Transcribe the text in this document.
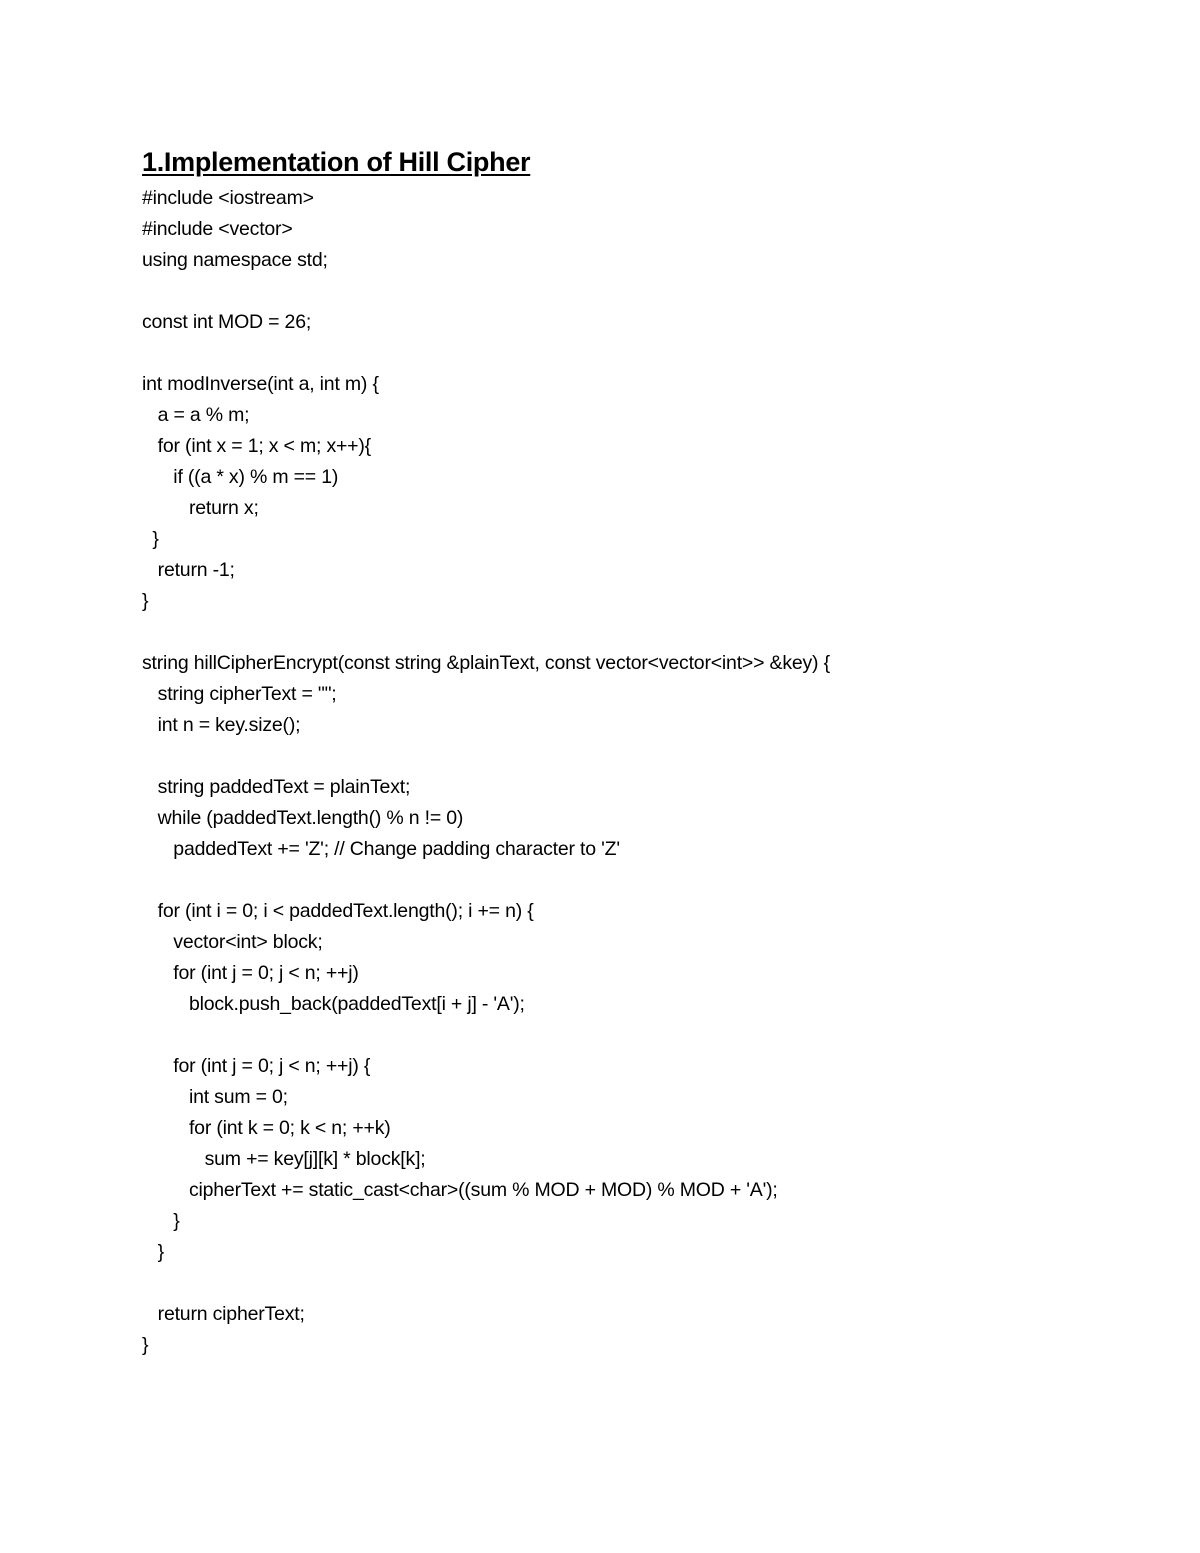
1.Implementation of Hill Cipher
#include <iostream>
#include <vector>
using namespace std;
const int MOD = 26;
int modInverse(int a, int m) {
a = a % m;
for (int x = 1; x < m; x++){
if ((a * x) % m == 1)
return x;
}
return -1;
}
string hillCipherEncrypt(const string &plainText, const vector<vector<int>> &key) {
string cipherText = "";
int n = key.size();
string paddedText = plainText;
while (paddedText.length() % n != 0)
paddedText += 'Z'; // Change padding character to 'Z'
for (int i = 0; i < paddedText.length(); i += n) {
vector<int> block;
for (int j = 0; j < n; ++j)
block.push_back(paddedText[i + j] - 'A');
for (int j = 0; j < n; ++j) {
int sum = 0;
for (int k = 0; k < n; ++k)
sum += key[j][k] * block[k];
cipherText += static_cast<char>((sum % MOD + MOD) % MOD + 'A');
}
}
return cipherText;
}
